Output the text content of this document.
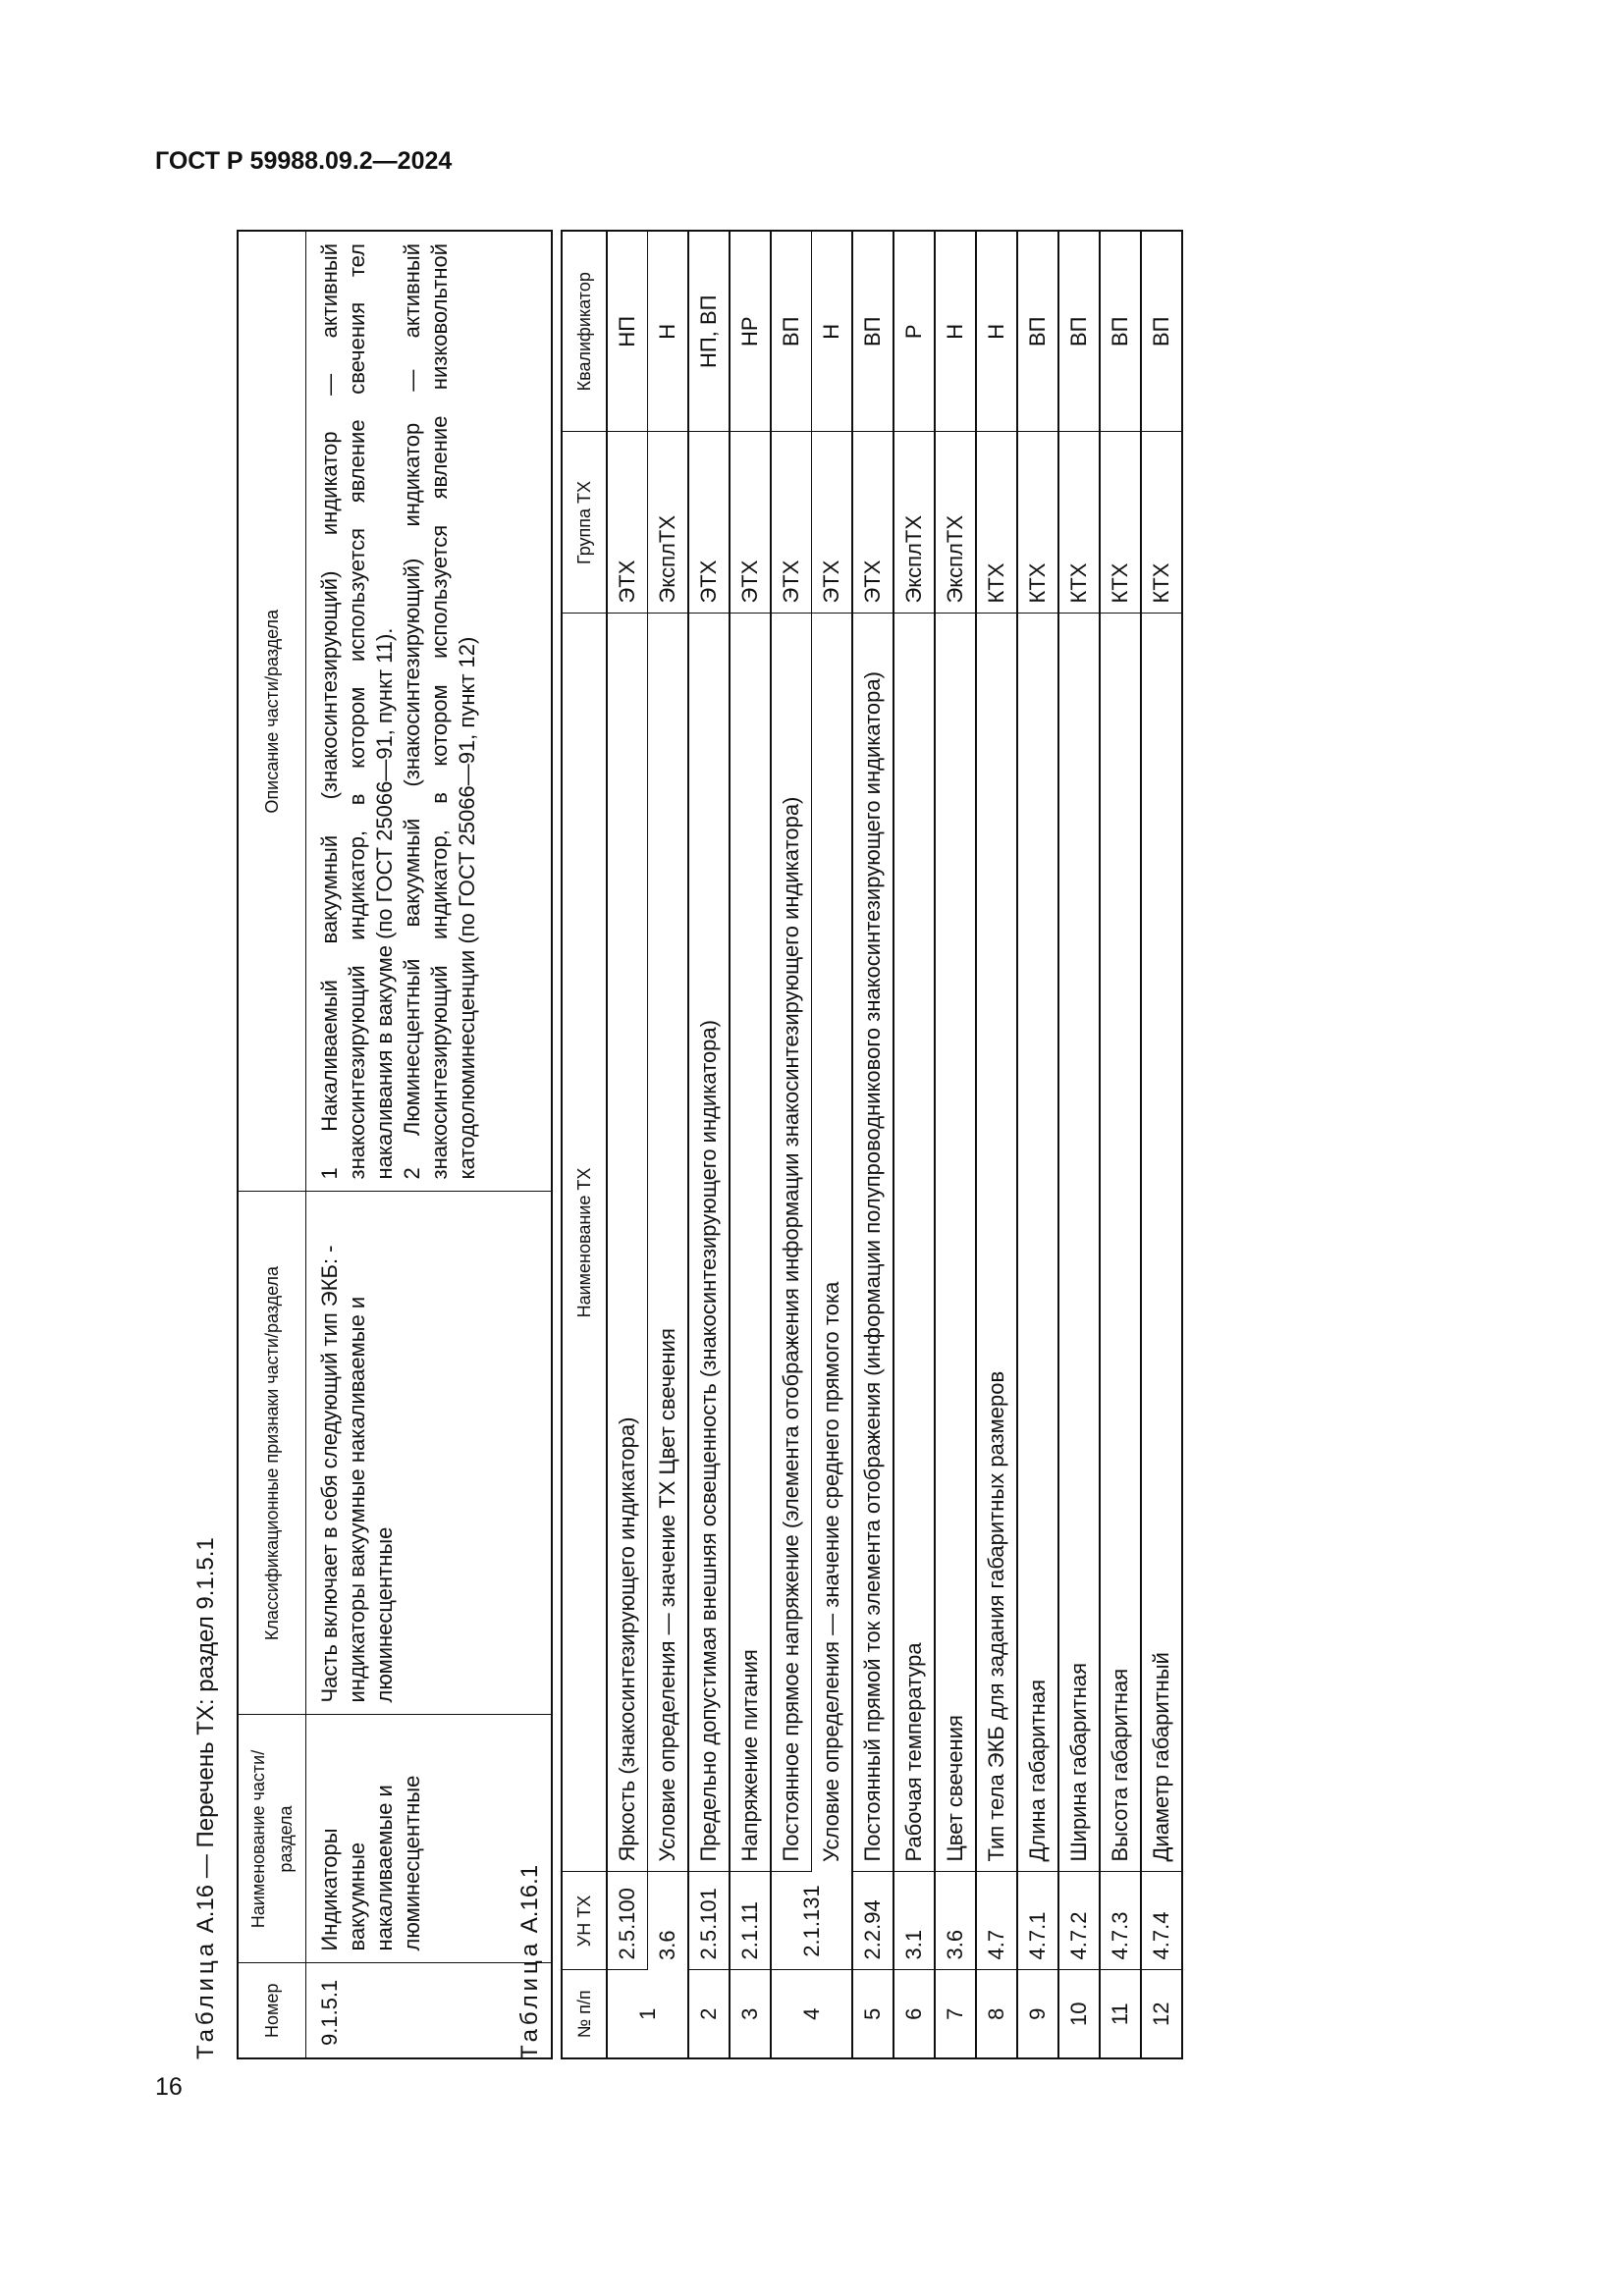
ГОСТ Р 59988.09.2—2024
Таблица А.16 — Перечень ТХ: раздел 9.1.5.1
Номер	Наименование части/раздела	Классификационные признаки части/раздела	Описание части/раздела
9.1.5.1	Индикаторы вакуумные накаливаемые и люминесцентные	Часть включает в себя следующий тип ЭКБ: - индикаторы вакуумные накаливаемые и люминесцентные	1 Накаливаемый вакуумный (знакосинтезирующий) индикатор — активный знакосинтезирующий индикатор, в котором используется явление свечения тел накаливания в вакууме (по ГОСТ 25066—91, пункт 11). 2 Люминесцентный вакуумный (знакосинтезирующий) индикатор — активный знакосинтезирующий индикатор, в котором используется явление низковольтной катодолюминесценции (по ГОСТ 25066—91, пункт 12)
Таблица А.16.1
№ п/п	УН ТХ	Наименование ТХ	Группа ТХ	Квалификатор
1	2.5.100	Яркость (знакосинтезирующего индикатора)	ЭТХ	НП
	3.6	Условие определения — значение ТХ Цвет свечения	ЭксплТХ	Н
2	2.5.101	Предельно допустимая внешняя освещенность (знакосинтезирующего индикатора)	ЭТХ	НП, ВП
3	2.1.11	Напряжение питания	ЭТХ	НР
4	2.1.131	Постоянное прямое напряжение (элемента отображения информации знакосинтезирующего индикатора)	ЭТХ	ВП
		Условие определения — значение среднего прямого тока	ЭТХ	Н
5	2.2.94	Постоянный прямой ток элемента отображения (информации полупроводникового знакосинтезирующего индикатора)	ЭТХ	ВП
6	3.1	Рабочая температура	ЭксплТХ	Р
7	3.6	Цвет свечения	ЭксплТХ	Н
8	4.7	Тип тела ЭКБ для задания габаритных размеров	КТХ	Н
9	4.7.1	Длина габаритная	КТХ	ВП
10	4.7.2	Ширина габаритная	КТХ	ВП
11	4.7.3	Высота габаритная	КТХ	ВП
12	4.7.4	Диаметр габаритный	КТХ	ВП
16
